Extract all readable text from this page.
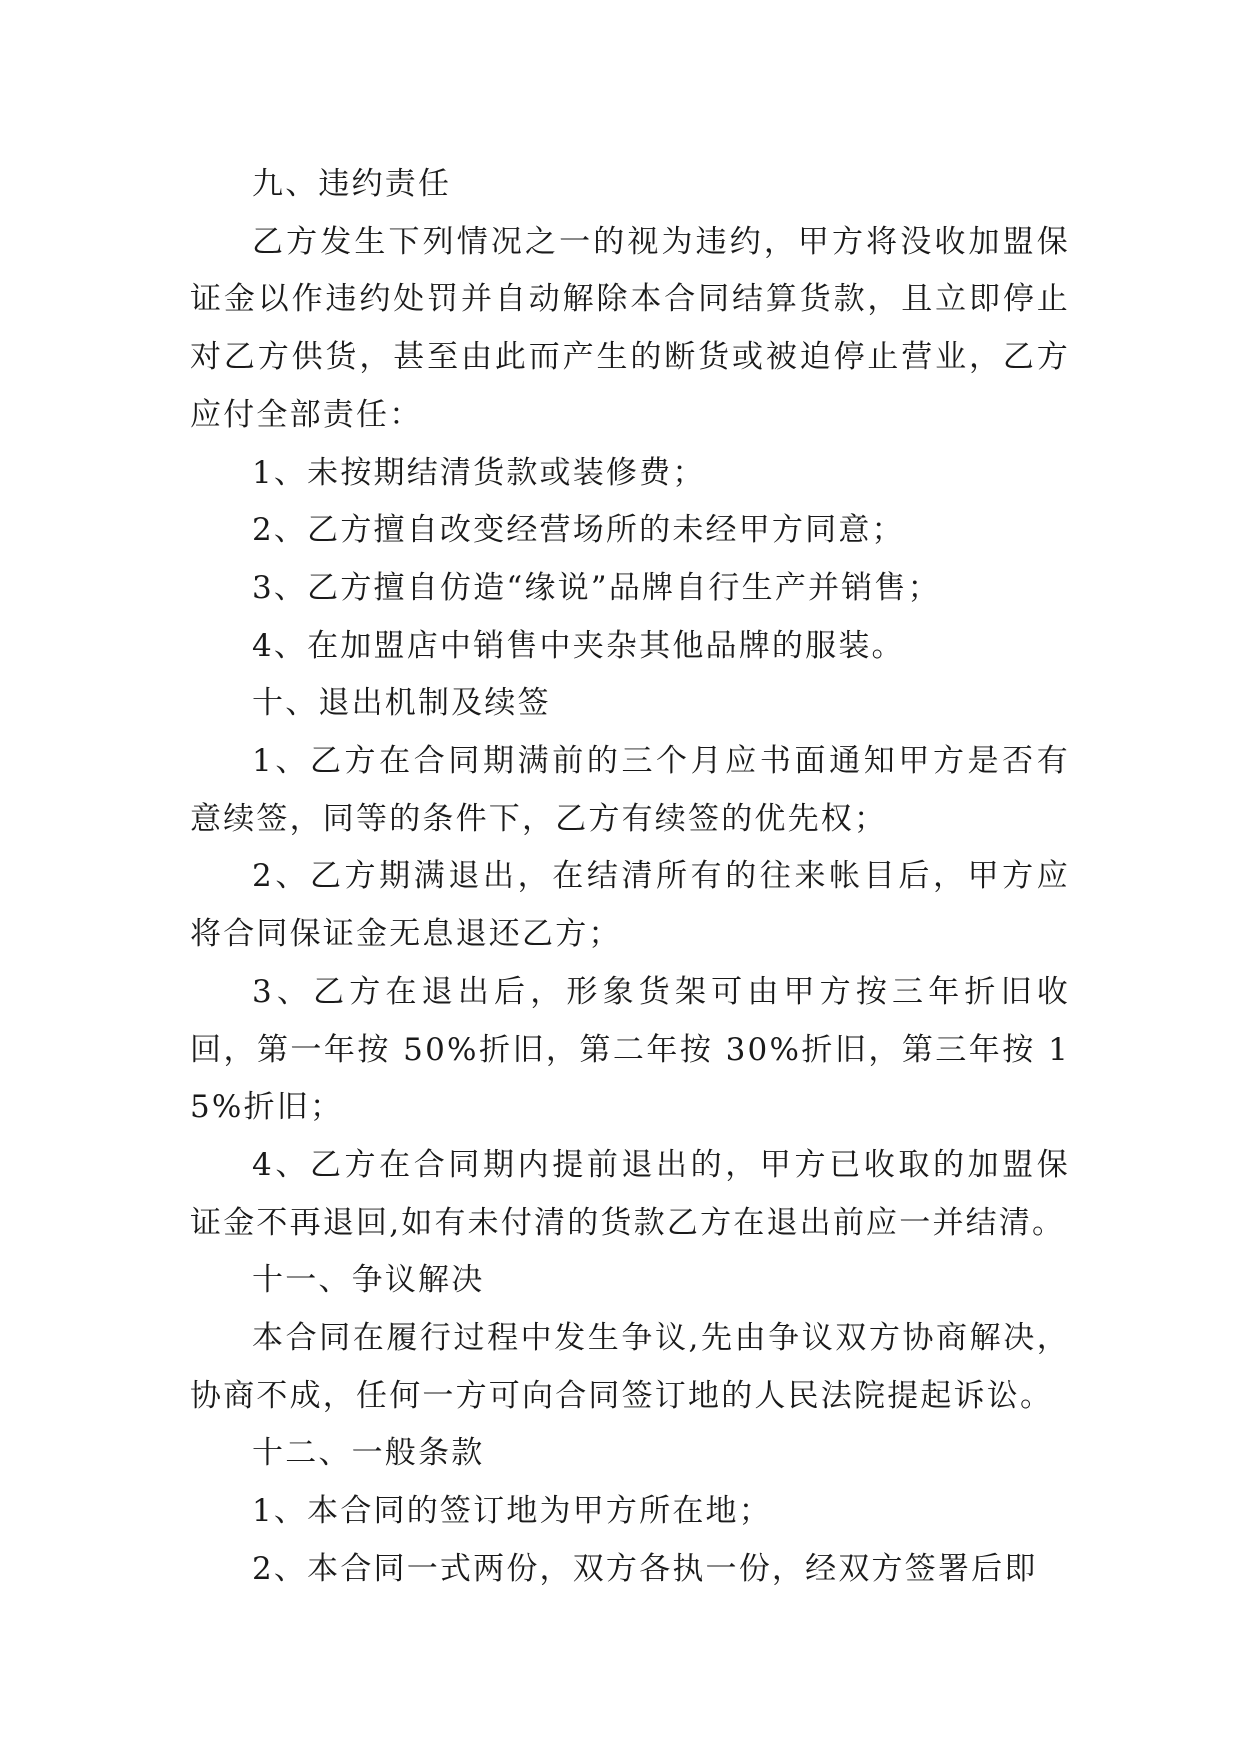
九、违约责任

乙方发生下列情况之一的视为违约，甲方将没收加盟保证金以作违约处罚并自动解除本合同结算货款，且立即停止对乙方供货，甚至由此而产生的断货或被迫停止营业，乙方应付全部责任：

1、未按期结清货款或装修费；

2、乙方擅自改变经营场所的未经甲方同意；

3、乙方擅自仿造“缘说”品牌自行生产并销售；

4、在加盟店中销售中夹杂其他品牌的服装。

十、退出机制及续签

1、乙方在合同期满前的三个月应书面通知甲方是否有意续签，同等的条件下，乙方有续签的优先权；

2、乙方期满退出，在结清所有的往来帐目后，甲方应将合同保证金无息退还乙方；

3、乙方在退出后，形象货架可由甲方按三年折旧收回，第一年按 50%折旧，第二年按 30%折旧，第三年按 15%折旧；

4、乙方在合同期内提前退出的，甲方已收取的加盟保证金不再退回,如有未付清的货款乙方在退出前应一并结清。

十一、争议解决

本合同在履行过程中发生争议,先由争议双方协商解决，协商不成，任何一方可向合同签订地的人民法院提起诉讼。

十二、一般条款

1、本合同的签订地为甲方所在地；

2、本合同一式两份，双方各执一份，经双方签署后即
